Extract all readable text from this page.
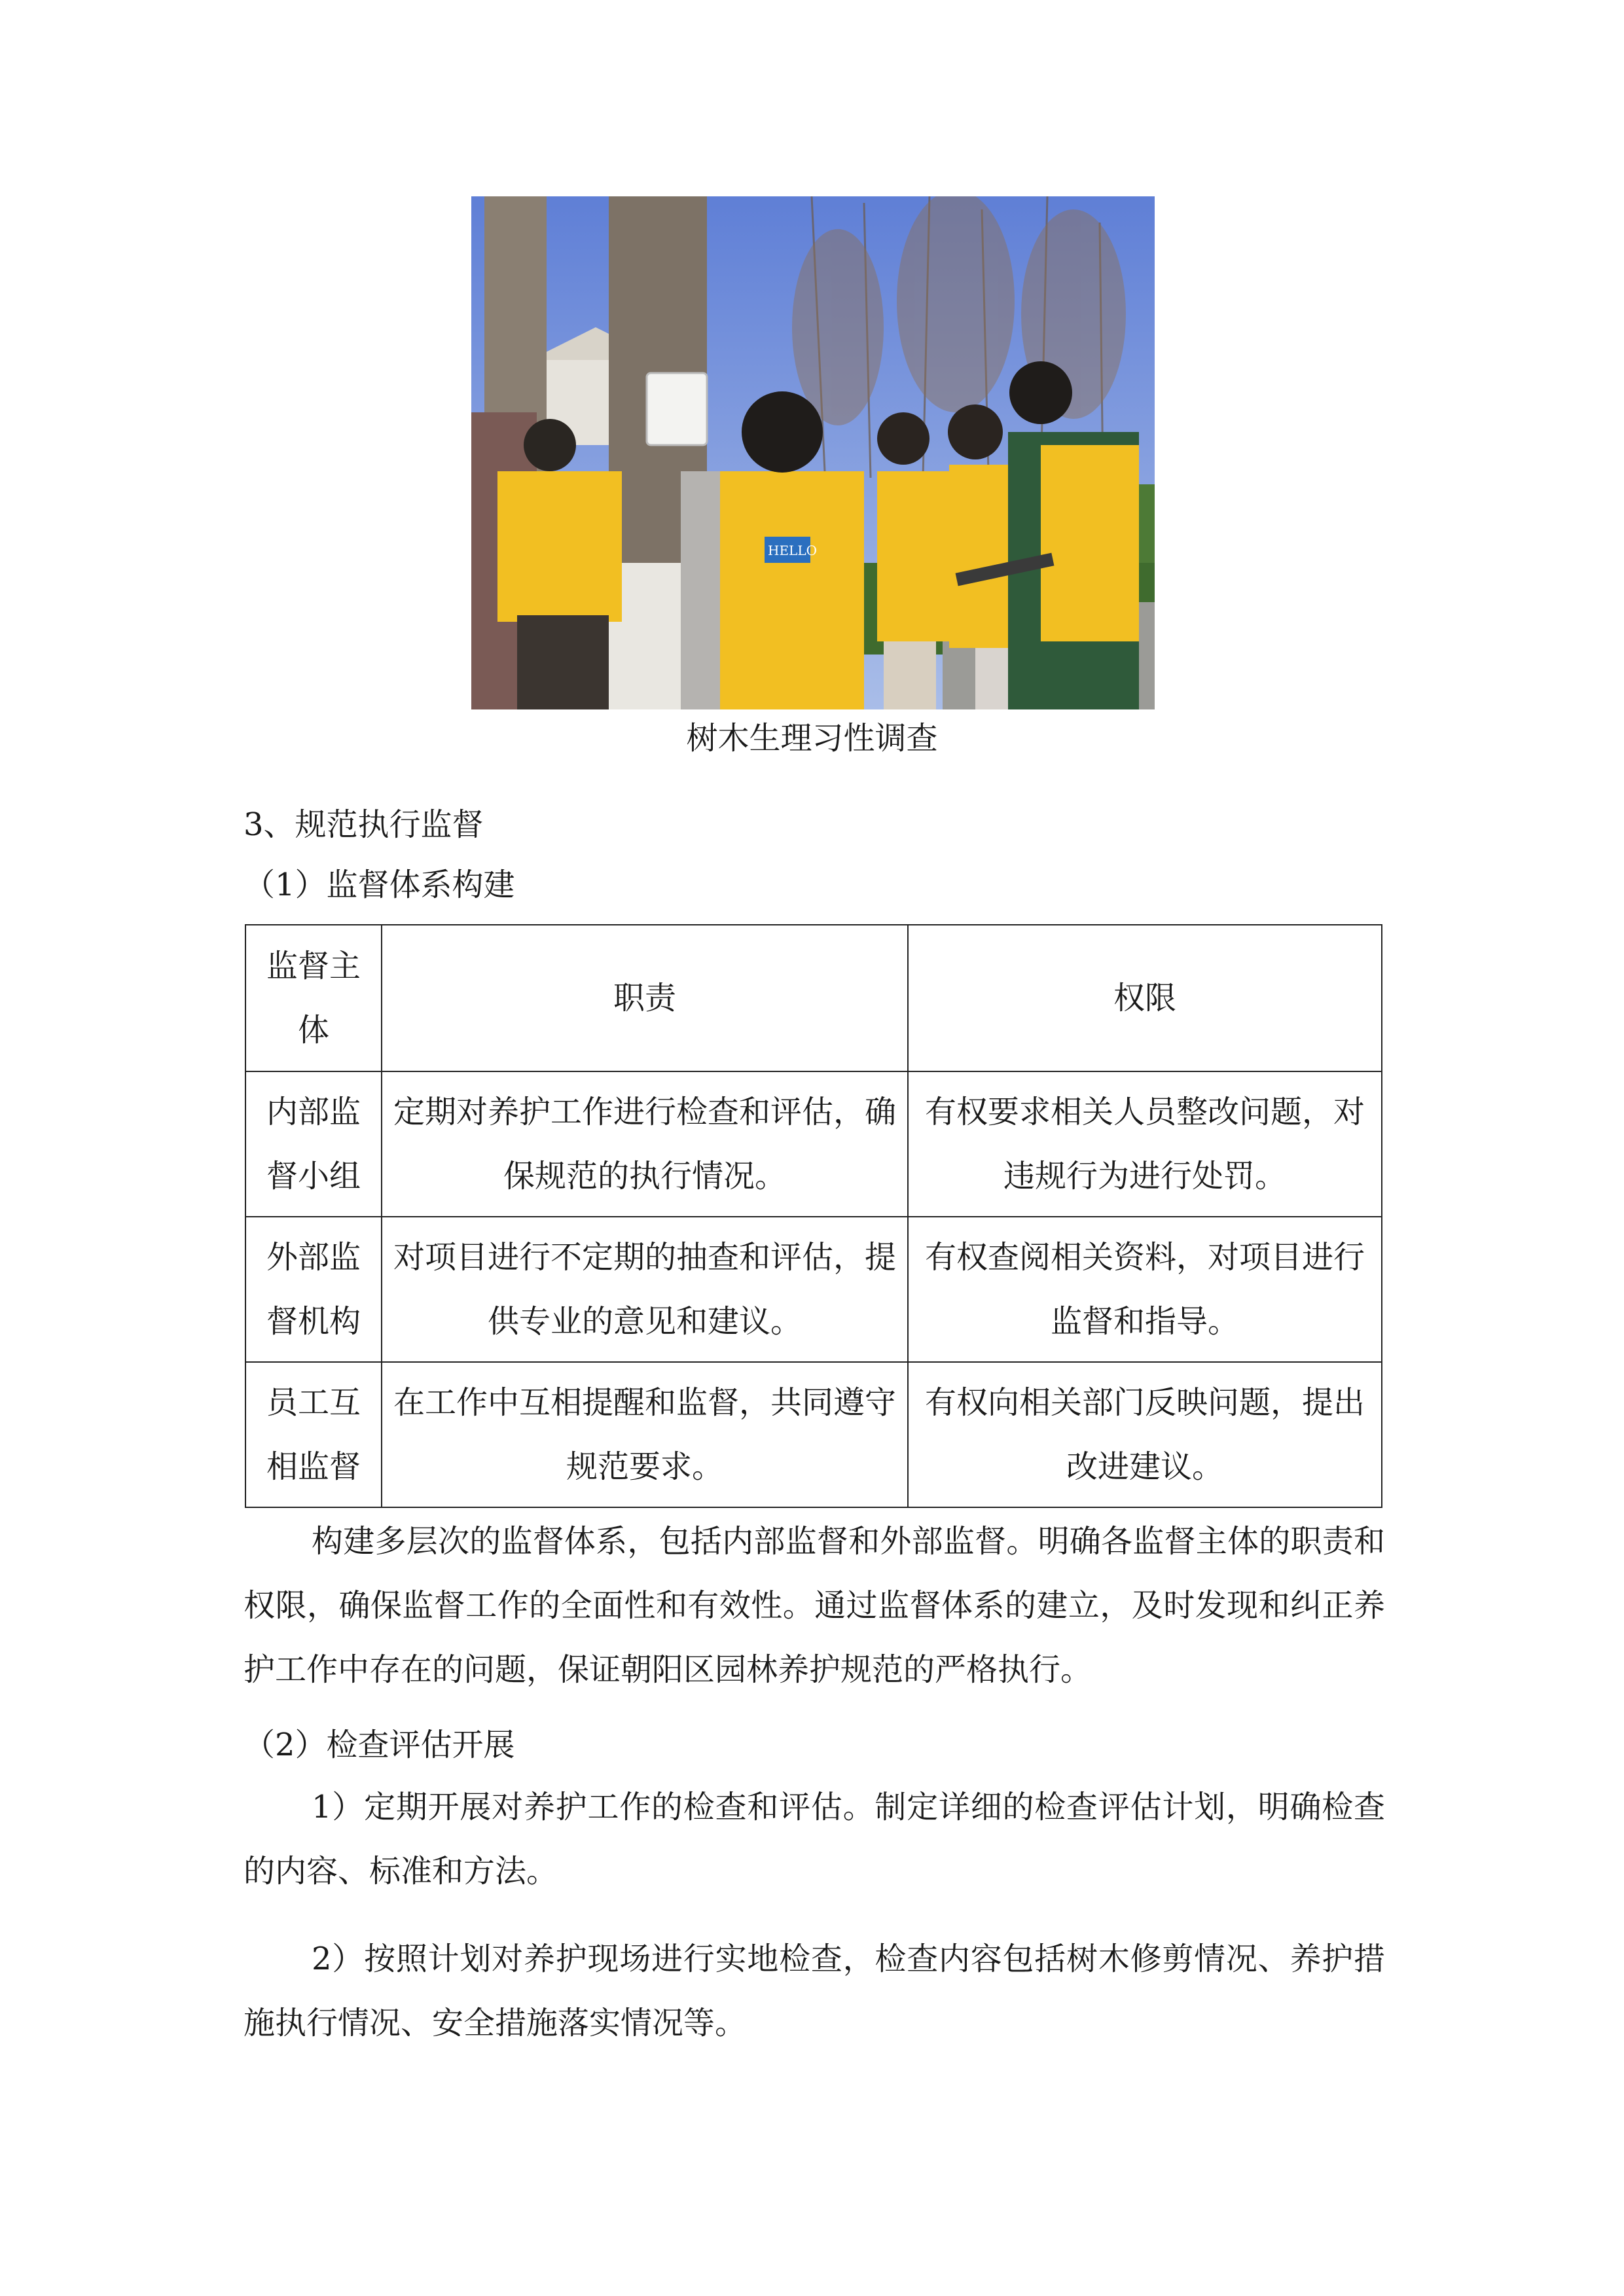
HELLO
树木生理习性调查
3、规范执行监督
（1）监督体系构建
监督主体	职责	权限
内部监督小组	定期对养护工作进行检查和评估，确保规范的执行情况。	有权要求相关人员整改问题，对违规行为进行处罚。
外部监督机构	对项目进行不定期的抽查和评估，提供专业的意见和建议。	有权查阅相关资料，对项目进行监督和指导。
员工互相监督	在工作中互相提醒和监督，共同遵守规范要求。	有权向相关部门反映问题，提出改进建议。
构建多层次的监督体系，包括内部监督和外部监督。明确各监督主体的职责和权限，确保监督工作的全面性和有效性。通过监督体系的建立，及时发现和纠正养护工作中存在的问题，保证朝阳区园林养护规范的严格执行。
（2）检查评估开展
1）定期开展对养护工作的检查和评估。制定详细的检查评估计划，明确检查的内容、标准和方法。
2）按照计划对养护现场进行实地检查，检查内容包括树木修剪情况、养护措施执行情况、安全措施落实情况等。
